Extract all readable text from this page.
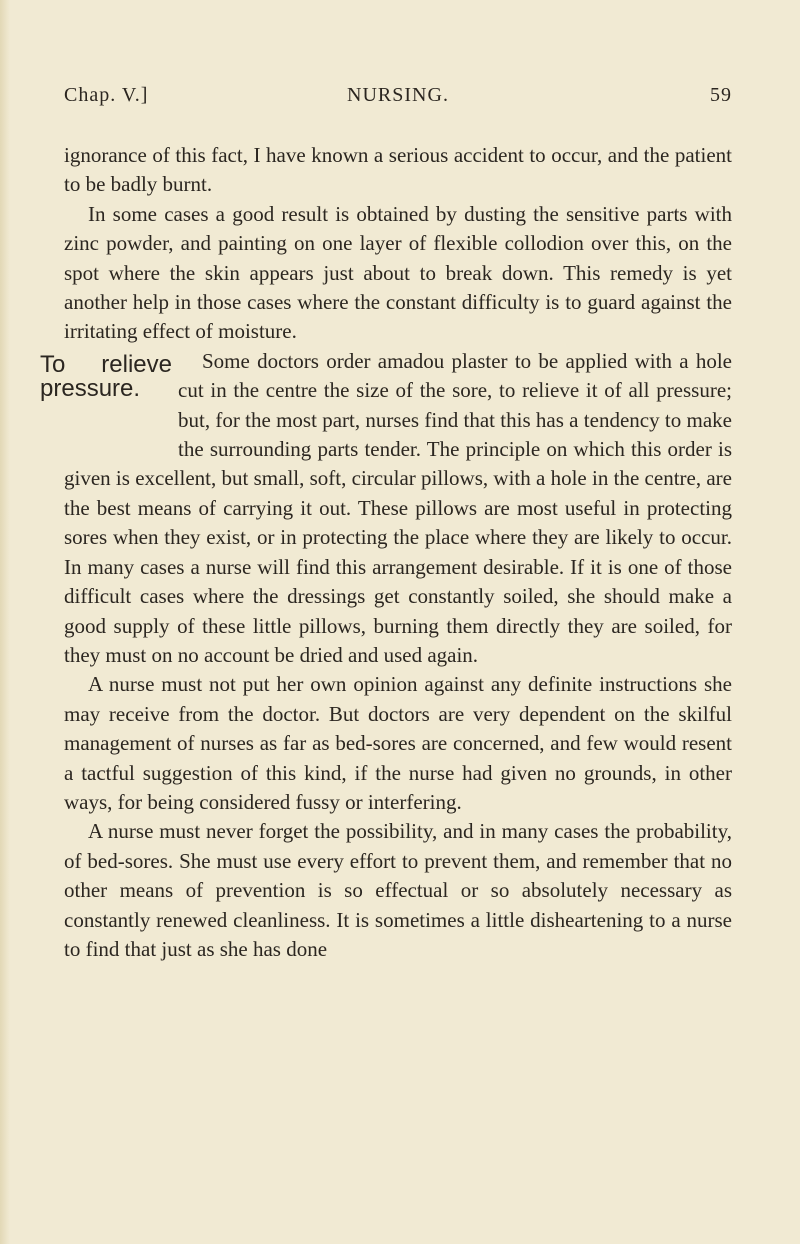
NURSING.
Chap. V.]	59

ignorance of this fact, I have known a serious accident to occur, and the patient to be badly burnt.

In some cases a good result is obtained by dusting the sensitive parts with zinc powder, and painting on one layer of flexible collodion over this, on the spot where the skin appears just about to break down. This remedy is yet another help in those cases where the constant difficulty is to guard against the irritating effect of moisture.

To relieve pressure.
Some doctors order amadou plaster to be applied with a hole cut in the centre the size of the sore, to relieve it of all pressure; but, for the most part, nurses find that this has a tendency to make the surrounding parts tender. The principle on which this order is given is excellent, but small, soft, circular pillows, with a hole in the centre, are the best means of carrying it out. These pillows are most useful in protecting sores when they exist, or in protecting the place where they are likely to occur. In many cases a nurse will find this arrangement desirable. If it is one of those difficult cases where the dressings get constantly soiled, she should make a good supply of these little pillows, burning them directly they are soiled, for they must on no account be dried and used again.

A nurse must not put her own opinion against any definite instructions she may receive from the doctor. But doctors are very dependent on the skilful management of nurses as far as bed-sores are concerned, and few would resent a tactful suggestion of this kind, if the nurse had given no grounds, in other ways, for being considered fussy or interfering.

A nurse must never forget the possibility, and in many cases the probability, of bed-sores. She must use every effort to prevent them, and remember that no other means of prevention is so effectual or so absolutely necessary as constantly renewed cleanliness. It is sometimes a little disheartening to a nurse to find that just as she has done
